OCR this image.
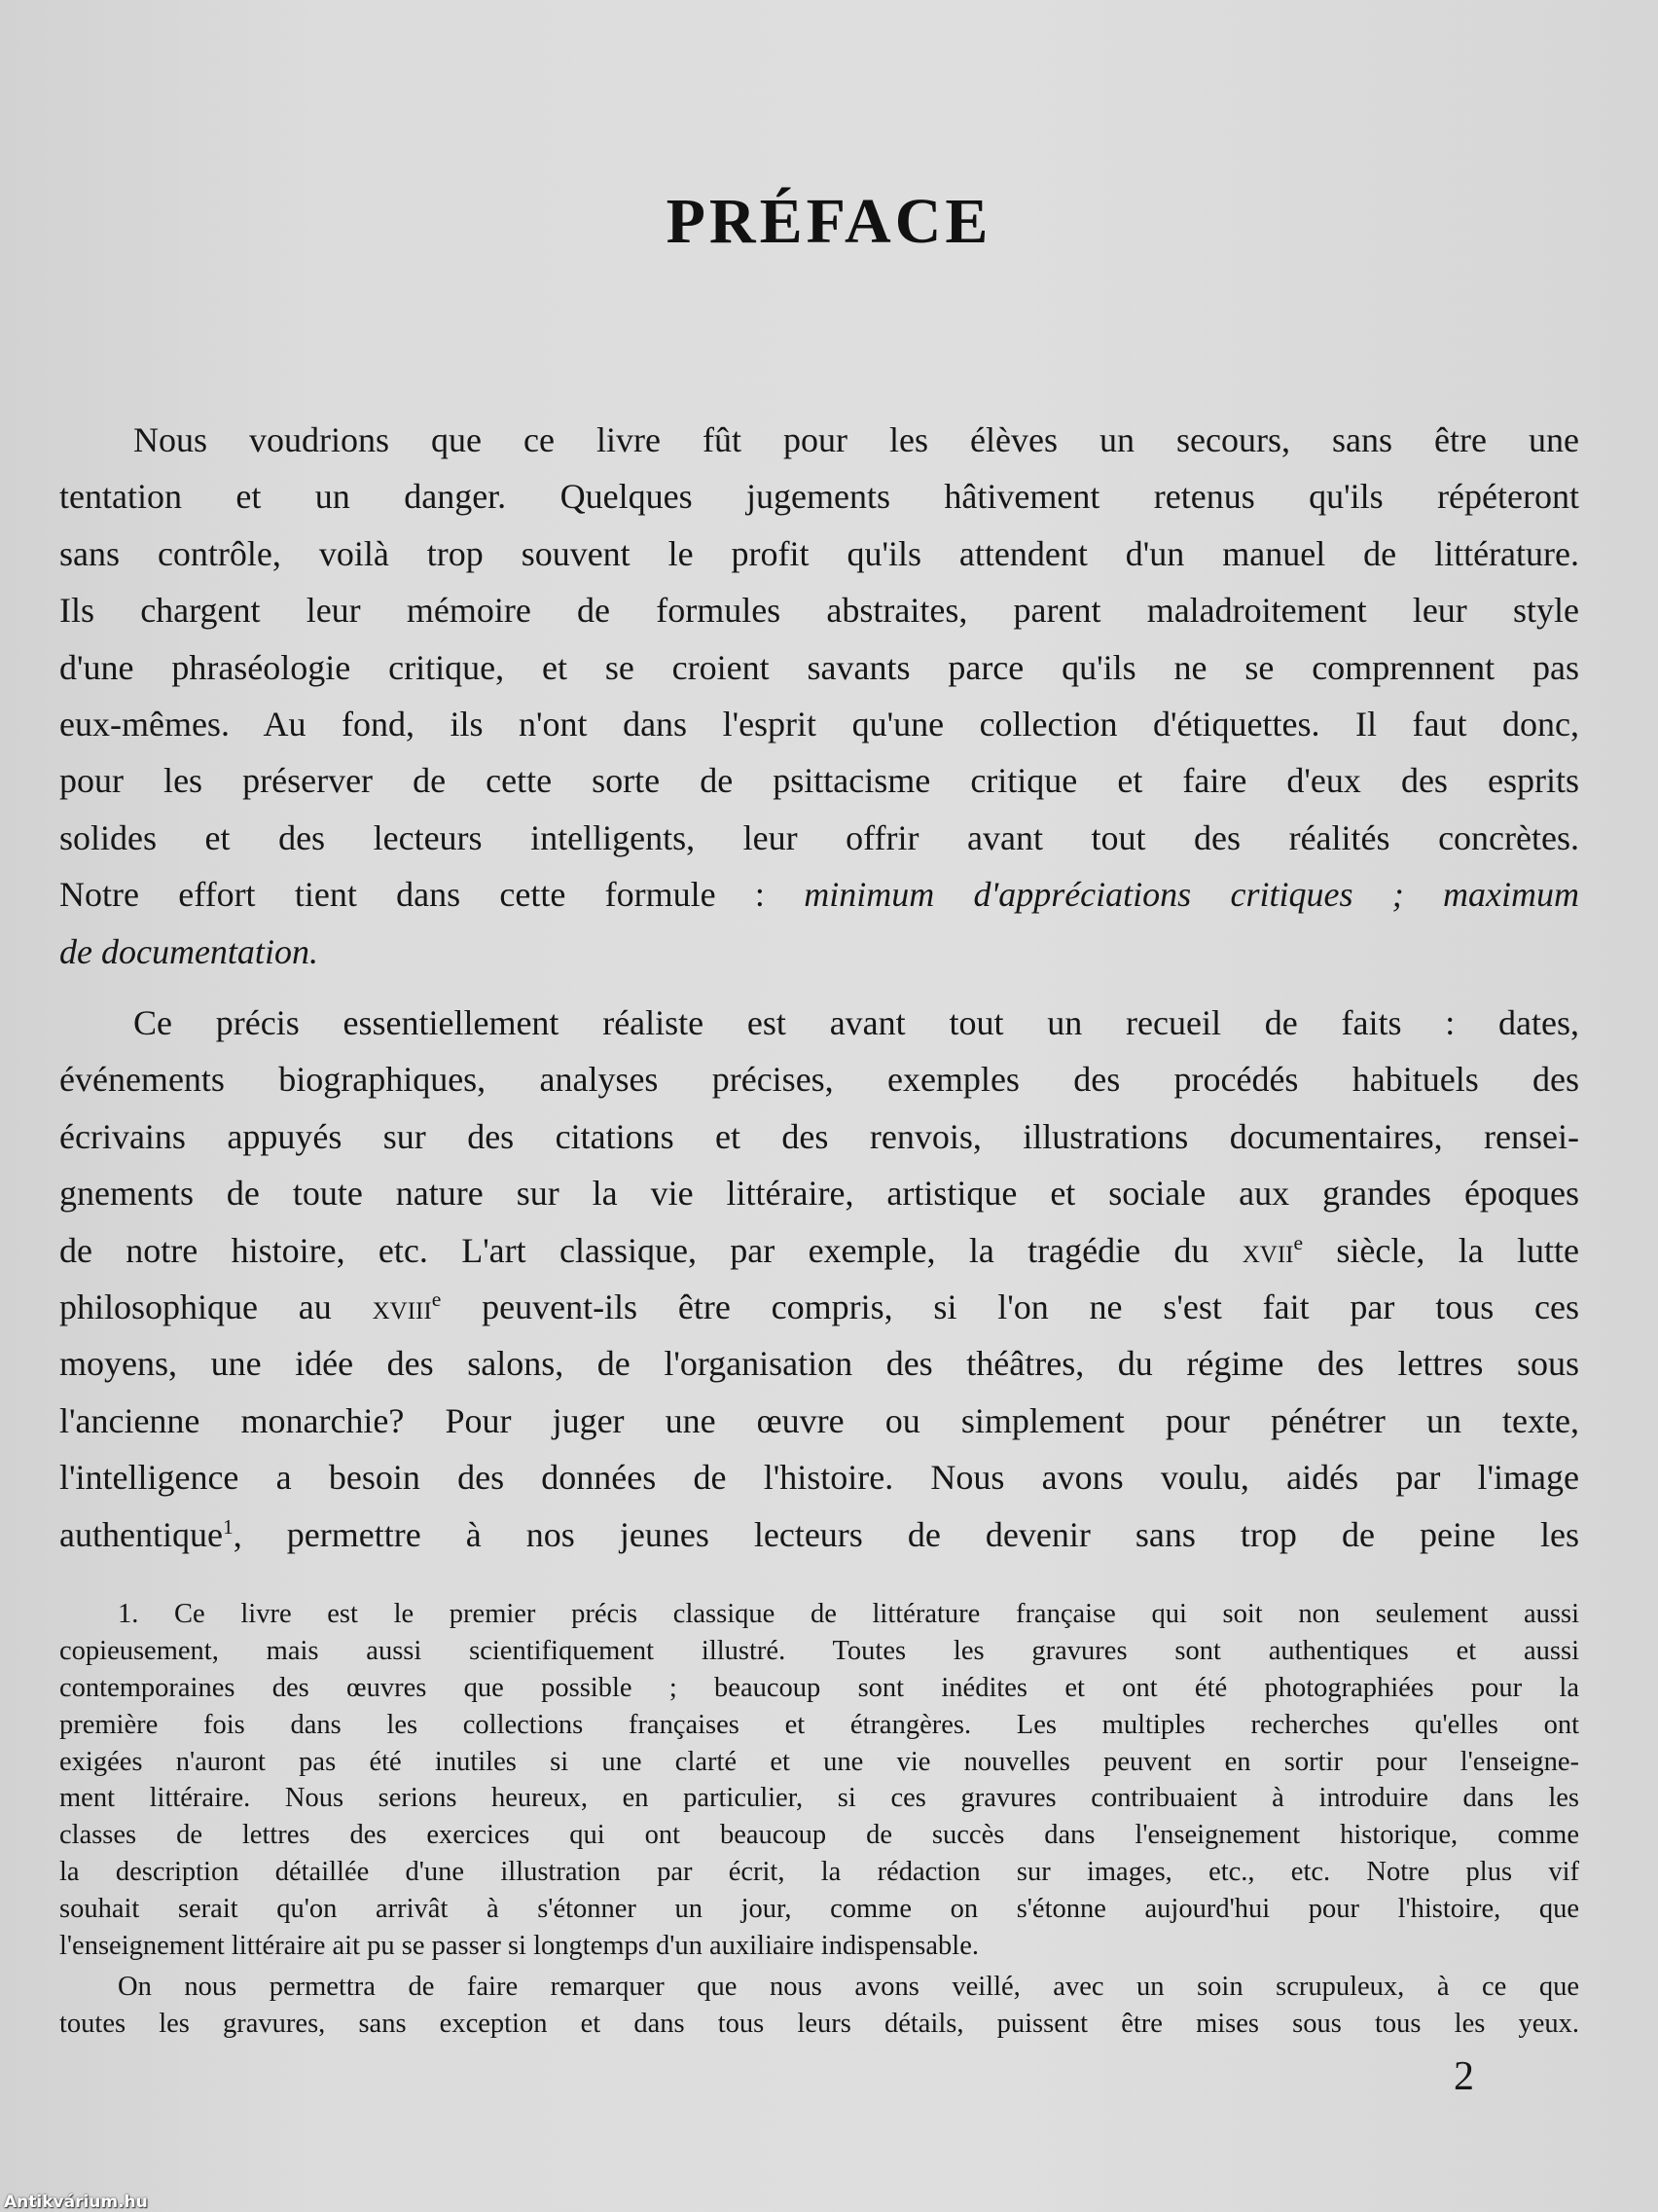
PRÉFACE
Nous voudrions que ce livre fût pour les élèves un secours, sans être une
tentation et un danger. Quelques jugements hâtivement retenus qu'ils répéteront
sans contrôle, voilà trop souvent le profit qu'ils attendent d'un manuel de littérature.
Ils chargent leur mémoire de formules abstraites, parent maladroitement leur style
d'une phraséologie critique, et se croient savants parce qu'ils ne se comprennent pas
eux-mêmes. Au fond, ils n'ont dans l'esprit qu'une collection d'étiquettes. Il faut donc,
pour les préserver de cette sorte de psittacisme critique et faire d'eux des esprits
solides et des lecteurs intelligents, leur offrir avant tout des réalités concrètes.
Notre effort tient dans cette formule : minimum d'appréciations critiques ; maximum
de documentation.
Ce précis essentiellement réaliste est avant tout un recueil de faits : dates,
événements biographiques, analyses précises, exemples des procédés habituels des
écrivains appuyés sur des citations et des renvois, illustrations documentaires, rensei-
gnements de toute nature sur la vie littéraire, artistique et sociale aux grandes époques
de notre histoire, etc. L'art classique, par exemple, la tragédie du xvii$^e$ siècle, la lutte
philosophique au xviii$^e$ peuvent-ils être compris, si l'on ne s'est fait par tous ces
moyens, une idée des salons, de l'organisation des théâtres, du régime des lettres sous
l'ancienne monarchie? Pour juger une œuvre ou simplement pour pénétrer un texte,
l'intelligence a besoin des données de l'histoire. Nous avons voulu, aidés par l'image
authentique$^1$, permettre à nos jeunes lecteurs de devenir sans trop de peine les
1. Ce livre est le premier précis classique de littérature française qui soit non seulement aussi
copieusement, mais aussi scientifiquement illustré. Toutes les gravures sont authentiques et aussi
contemporaines des œuvres que possible ; beaucoup sont inédites et ont été photographiées pour la
première fois dans les collections françaises et étrangères. Les multiples recherches qu'elles ont
exigées n'auront pas été inutiles si une clarté et une vie nouvelles peuvent en sortir pour l'enseigne-
ment littéraire. Nous serions heureux, en particulier, si ces gravures contribuaient à introduire dans les
classes de lettres des exercices qui ont beaucoup de succès dans l'enseignement historique, comme
la description détaillée d'une illustration par écrit, la rédaction sur images, etc., etc. Notre plus vif
souhait serait qu'on arrivât à s'étonner un jour, comme on s'étonne aujourd'hui pour l'histoire, que
l'enseignement littéraire ait pu se passer si longtemps d'un auxiliaire indispensable.
On nous permettra de faire remarquer que nous avons veillé, avec un soin scrupuleux, à ce que
toutes les gravures, sans exception et dans tous leurs détails, puissent être mises sous tous les yeux.
2
Antikvárium.hu
